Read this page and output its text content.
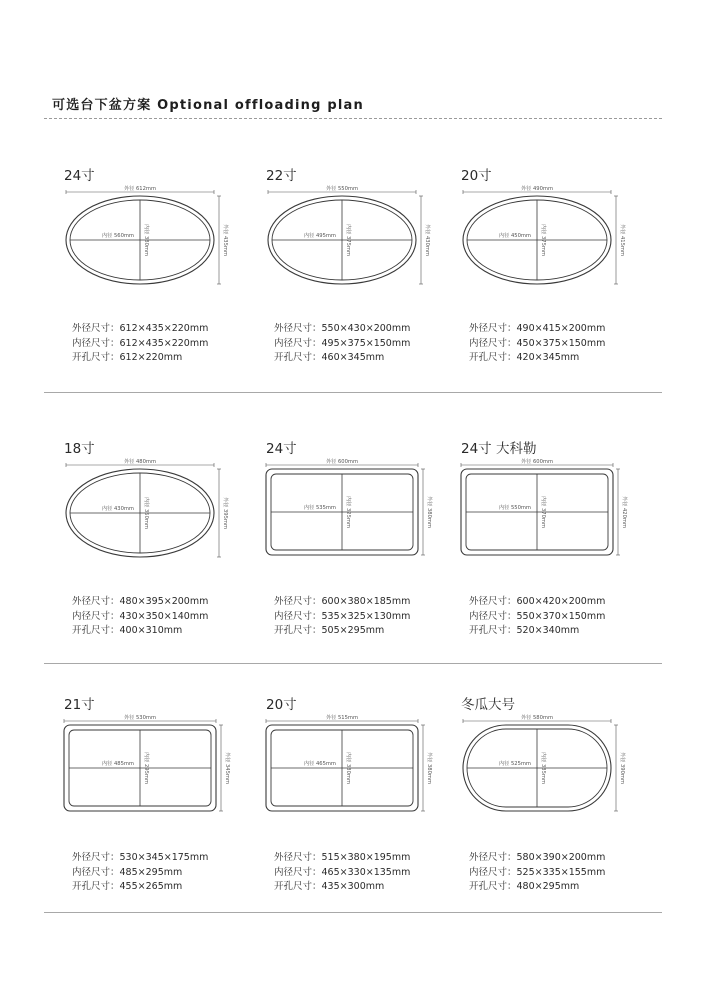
可选台下盆方案 Optional offloading plan
24寸
外径 612mm
外径 435mm
内径 560mm 内径 380mm
外径尺寸：612×435×220mm
内径尺寸：612×435×220mm
开孔尺寸：612×220mm
22寸
外径 550mm
外径 430mm
内径 495mm 内径 375mm
外径尺寸：550×430×200mm
内径尺寸：495×375×150mm
开孔尺寸：460×345mm
20寸
外径 490mm
外径 415mm
内径 450mm 内径 375mm
外径尺寸：490×415×200mm
内径尺寸：450×375×150mm
开孔尺寸：420×345mm
18寸
外径 480mm
外径 395mm
内径 430mm 内径 350mm
外径尺寸：480×395×200mm
内径尺寸：430×350×140mm
开孔尺寸：400×310mm
24寸
外径 600mm
外径 380mm
内径 535mm 内径 325mm
外径尺寸：600×380×185mm
内径尺寸：535×325×130mm
开孔尺寸：505×295mm
24寸 大科勒
外径 600mm
外径 420mm
内径 550mm 内径 370mm
外径尺寸：600×420×200mm
内径尺寸：550×370×150mm
开孔尺寸：520×340mm
21寸
外径 530mm
外径 345mm
内径 485mm 内径 295mm
外径尺寸：530×345×175mm
内径尺寸：485×295mm
开孔尺寸：455×265mm
20寸
外径 515mm
外径 380mm
内径 465mm 内径 330mm
外径尺寸：515×380×195mm
内径尺寸：465×330×135mm
开孔尺寸：435×300mm
冬瓜大号
外径 580mm
外径 390mm
内径 525mm 内径 335mm
外径尺寸：580×390×200mm
内径尺寸：525×335×155mm
开孔尺寸：480×295mm
